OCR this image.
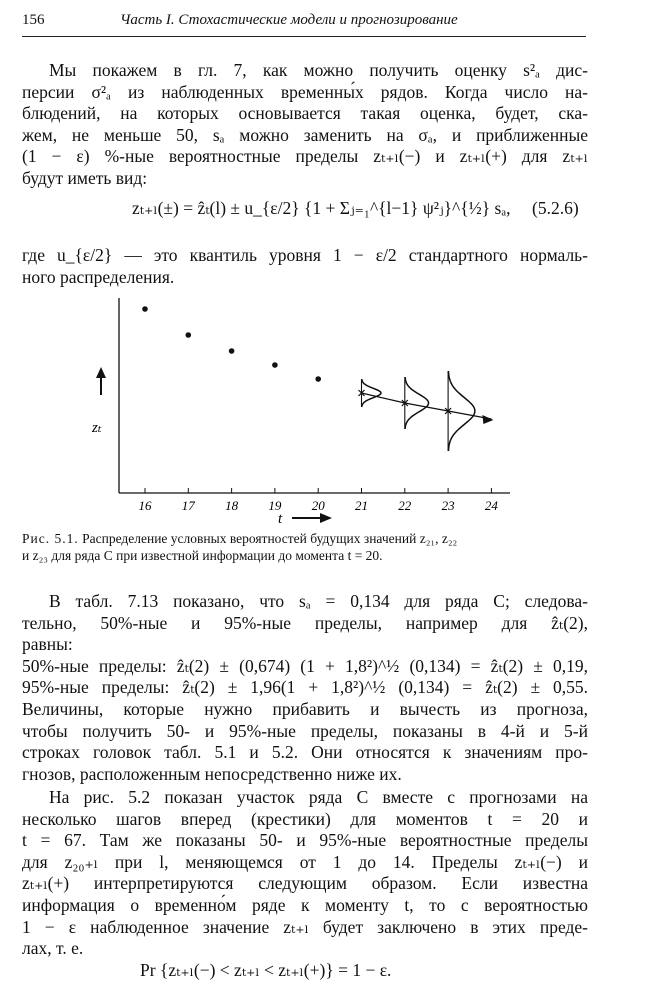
156	Часть I. Стохастические модели и прогнозирование
Мы покажем в гл. 7, как можно получить оценку s²ₐ дис-
персии σ²ₐ из наблюденных временны́х рядов. Когда число на-
блюдений, на которых основывается такая оценка, будет, ска-
жем, не меньше 50, sₐ можно заменить на σₐ, и приближенные
(1 − ε) %-ные вероятностные пределы zₜ₊ₗ(−) и zₜ₊ₗ(+) для zₜ₊ₗ
будут иметь вид:
zₜ₊ₗ(±) = ẑₜ(l) ± u_{ε/2} {1 + Σⱼ₌₁^{l−1} ψ²ⱼ}^{½} sₐ, (5.2.6)
где u_{ε/2} — это квантиль уровня 1 − ε/2 стандартного нормаль-
ного распределения.
16 17 18 19 20 21 22 23 24
zₜ
t
Рис. 5.1. Распределение условных вероятностей будущих значений z₂₁, z₂₂
и z₂₃ для ряда С при известной информации до момента t = 20.
В табл. 7.13 показано, что sₐ = 0,134 для ряда С; следова-
тельно, 50%-ные и 95%-ные пределы, например для ẑₜ(2),
равны:
50%-ные пределы: ẑₜ(2) ± (0,674) (1 + 1,8²)^½ (0,134) = ẑₜ(2) ± 0,19,
95%-ные пределы: ẑₜ(2) ± 1,96(1 + 1,8²)^½ (0,134) = ẑₜ(2) ± 0,55.
Величины, которые нужно прибавить и вычесть из прогноза,
чтобы получить 50- и 95%-ные пределы, показаны в 4-й и 5-й
строках головок табл. 5.1 и 5.2. Они относятся к значениям про-
гнозов, расположенным непосредственно ниже их.
На рис. 5.2 показан участок ряда С вместе с прогнозами на
несколько шагов вперед (крестики) для моментов t = 20 и
t = 67. Там же показаны 50- и 95%-ные вероятностные пределы
для z₂₀₊ₗ при l, меняющемся от 1 до 14. Пределы zₜ₊ₗ(−) и
zₜ₊ₗ(+) интерпретируются следующим образом. Если известна
информация о временно́м ряде к моменту t, то с вероятностью
1 − ε наблюденное значение zₜ₊ₗ будет заключено в этих преде-
лах, т. е.
Pr {zₜ₊ₗ(−) < zₜ₊ₗ < zₜ₊ₗ(+)} = 1 − ε.
